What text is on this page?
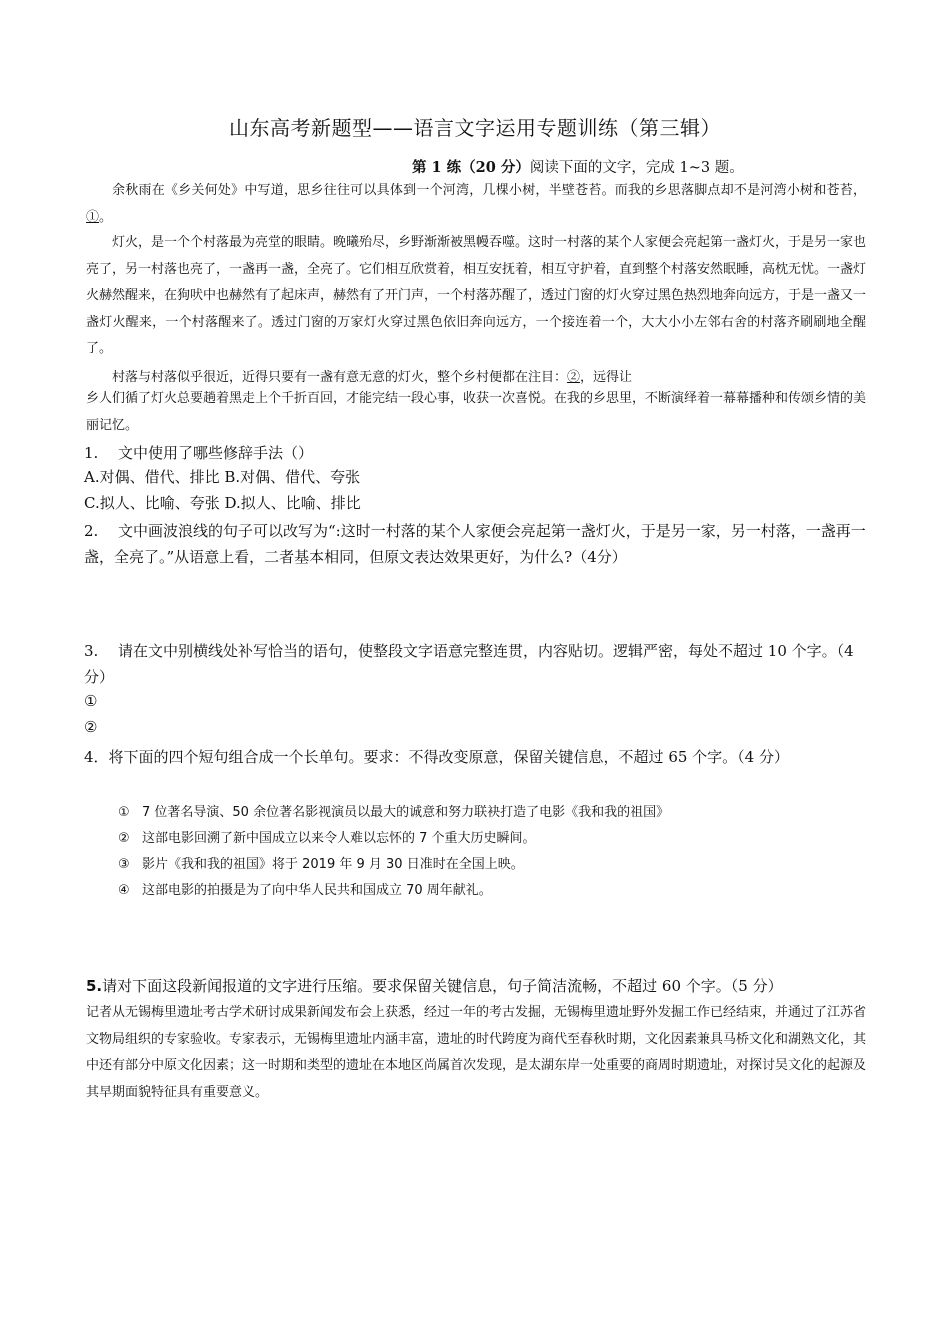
山东高考新题型——语言文字运用专题训练（第三辑）
第 1 练（20 分）阅读下面的文字，完成 1~3 题。

余秋雨在《乡关何处》中写道，思乡往往可以具体到一个河湾，几棵小树，半壁苍苔。而我的乡思落脚点却不是河湾小树和苍苔，①。

灯火，是一个个村落最为亮堂的眼睛。晚曦殆尽，乡野渐渐被黑幔吞噬。这时一村落的某个人家便会亮起第一盏灯火，于是另一家也亮了，另一村落也亮了，一盏再一盏，全亮了。它们相互欣赏着，相互安抚着，相互守护着，直到整个村落安然眠睡，高枕无忧。一盏灯火赫然醒来，在狗吠中也赫然有了起床声，赫然有了开门声，一个村落苏醒了，透过门窗的灯火穿过黑色热烈地奔向远方，于是一盏又一盏灯火醒来，一个村落醒来了。透过门窗的万家灯火穿过黑色依旧奔向远方，一个接连着一个，大大小小左邻右舍的村落齐刷刷地全醒了。

村落与村落似乎很近，近得只要有一盏有意无意的灯火，整个乡村便都在注目：②，远得让

乡人们循了灯火总要趟着黑走上个千折百回，才能完结一段心事，收获一次喜悦。在我的乡思里，不断演绎着一幕幕播种和传颂乡情的美丽记忆。

1. 文中使用了哪些修辞手法（）
A.对偶、借代、排比 B.对偶、借代、夸张
C.拟人、比喻、夸张 D.拟人、比喻、排比
2. 文中画波浪线的句子可以改写为“:这时一村落的某个人家便会亮起第一盏灯火，于是另一家，另一村落，一盏再一盏，全亮了。”从语意上看，二者基本相同，但原文表达效果更好，为什么?（4分）
3. 请在文中别横线处补写恰当的语句，使整段文字语意完整连贯，内容贴切。逻辑严密，每处不超过 10 个字。（4 分）
①
②
4．将下面的四个短句组合成一个长单句。要求：不得改变原意，保留关键信息，不超过 65 个字。（4 分）
① 7 位著名导演、50 余位著名影视演员以最大的诚意和努力联袂打造了电影《我和我的祖国》
② 这部电影回溯了新中国成立以来令人难以忘怀的 7 个重大历史瞬间。
③ 影片《我和我的祖国》将于 2019 年 9 月 30 日准时在全国上映。
④ 这部电影的拍摄是为了向中华人民共和国成立 70 周年献礼。
5.请对下面这段新闻报道的文字进行压缩。要求保留关键信息，句子简洁流畅，不超过 60 个字。（5 分）
记者从无锡梅里遗址考古学术研讨成果新闻发布会上获悉，经过一年的考古发掘，无锡梅里遗址野外发掘工作已经结束，并通过了江苏省文物局组织的专家验收。专家表示，无锡梅里遗址内涵丰富，遗址的时代跨度为商代至春秋时期，文化因素兼具马桥文化和湖熟文化，其中还有部分中原文化因素；这一时期和类型的遗址在本地区尚属首次发现，是太湖东岸一处重要的商周时期遗址，对探讨吴文化的起源及其早期面貌特征具有重要意义。
